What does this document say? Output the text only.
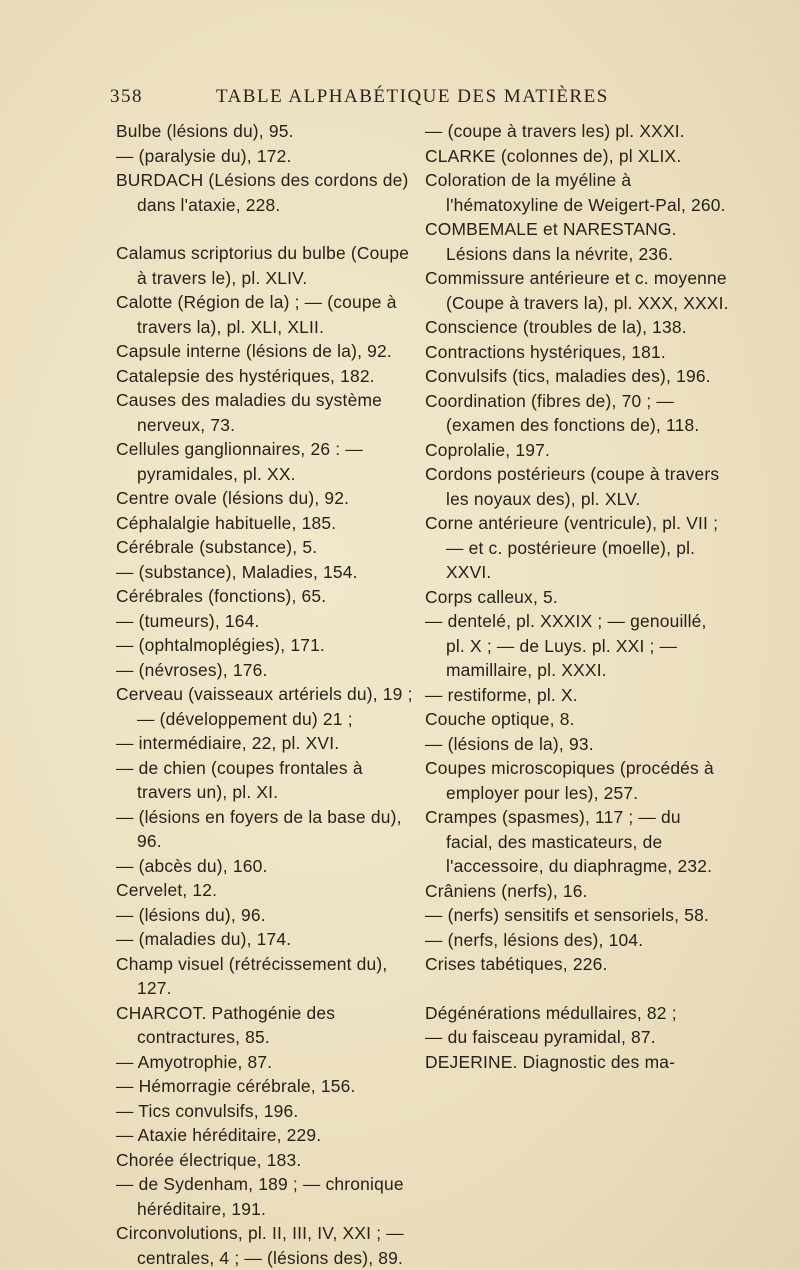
358	TABLE ALPHABÉTIQUE DES MATIÈRES

Bulbe (lésions du), 95.

— (paralysie du), 172.

BURDACH (Lésions des cordons de) dans l'ataxie, 228.

Calamus scriptorius du bulbe (Coupe à travers le), pl. XLIV.

Calotte (Région de la) ; — (coupe à travers la), pl. XLI, XLII.

Capsule interne (lésions de la), 92.

Catalepsie des hystériques, 182.

Causes des maladies du système nerveux, 73.

Cellules ganglionnaires, 26 : — pyramidales, pl. XX.

Centre ovale (lésions du), 92.

Céphalalgie habituelle, 185.

Cérébrale (substance), 5.

— (substance), Maladies, 154.

Cérébrales (fonctions), 65.

— (tumeurs), 164.

— (ophtalmoplégies), 171.

— (névroses), 176.

Cerveau (vaisseaux artériels du), 19 ; — (développement du) 21 ;

— intermédiaire, 22, pl. XVI.

— de chien (coupes frontales à travers un), pl. XI.

— (lésions en foyers de la base du), 96.

— (abcès du), 160.

Cervelet, 12.

— (lésions du), 96.

— (maladies du), 174.

Champ visuel (rétrécissement du), 127.

CHARCOT. Pathogénie des contractures, 85.

— Amyotrophie, 87.

— Hémorragie cérébrale, 156.

— Tics convulsifs, 196.

— Ataxie héréditaire, 229.

Chorée électrique, 183.

— de Sydenham, 189 ; — chronique héréditaire, 191.

Circonvolutions, pl. II, III, IV, XXI ; — centrales, 4 ; — (lésions des), 89.

— (coupe à travers les) pl. XXXI.

CLARKE (colonnes de), pl XLIX.

Coloration de la myéline à l'hématoxyline de Weigert-Pal, 260.

COMBEMALE et NARESTANG. Lésions dans la névrite, 236.

Commissure antérieure et c. moyenne (Coupe à travers la), pl. XXX, XXXI.

Conscience (troubles de la), 138.

Contractions hystériques, 181.

Convulsifs (tics, maladies des), 196.

Coordination (fibres de), 70 ; — (examen des fonctions de), 118.

Coprolalie, 197.

Cordons postérieurs (coupe à travers les noyaux des), pl. XLV.

Corne antérieure (ventricule), pl. VII ; — et c. postérieure (moelle), pl. XXVI.

Corps calleux, 5.

— dentelé, pl. XXXIX ; — genouillé, pl. X ; — de Luys. pl. XXI ; — mamillaire, pl. XXXI.

— restiforme, pl. X.

Couche optique, 8.

— (lésions de la), 93.

Coupes microscopiques (procédés à employer pour les), 257.

Crampes (spasmes), 117 ; — du facial, des masticateurs, de l'accessoire, du diaphragme, 232.

Crâniens (nerfs), 16.

— (nerfs) sensitifs et sensoriels, 58.

— (nerfs, lésions des), 104.

Crises tabétiques, 226.

Dégénérations médullaires, 82 ;

— du faisceau pyramidal, 87.

DEJERINE. Diagnostic des ma-
